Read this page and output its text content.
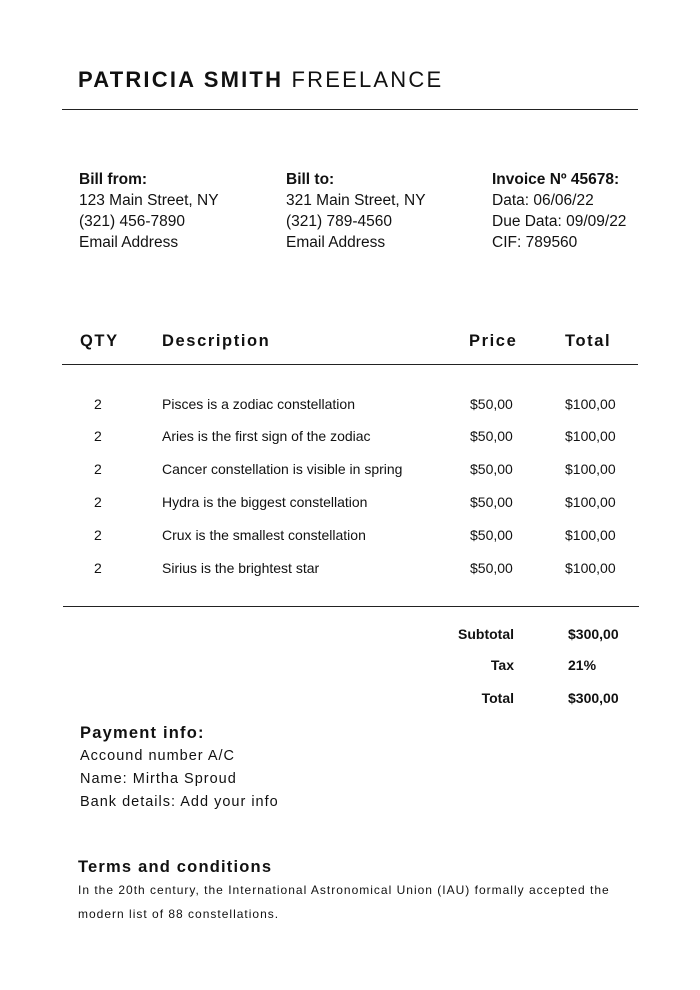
PATRICIA SMITH FREELANCE
Bill from:
123 Main Street, NY
(321) 456-7890
Email Address
Bill to:
321 Main Street, NY
(321) 789-4560
Email Address
Invoice Nº 45678:
Data: 06/06/22
Due Data: 09/09/22
CIF: 789560
QTY	Description	Price	Total
2	Pisces is a zodiac constellation	$50,00	$100,00
2	Aries is the first sign of the zodiac	$50,00	$100,00
2	Cancer constellation is visible in spring	$50,00	$100,00
2	Hydra is the biggest constellation	$50,00	$100,00
2	Crux is the smallest constellation	$50,00	$100,00
2	Sirius is the brightest star	$50,00	$100,00
Subtotal	$300,00
Tax	21%
Total	$300,00
Payment info:
Accound number A/C
Name: Mirtha Sproud
Bank details: Add your info
Terms and conditions
In the 20th century, the International Astronomical Union (IAU) formally accepted the modern list of 88 constellations.
